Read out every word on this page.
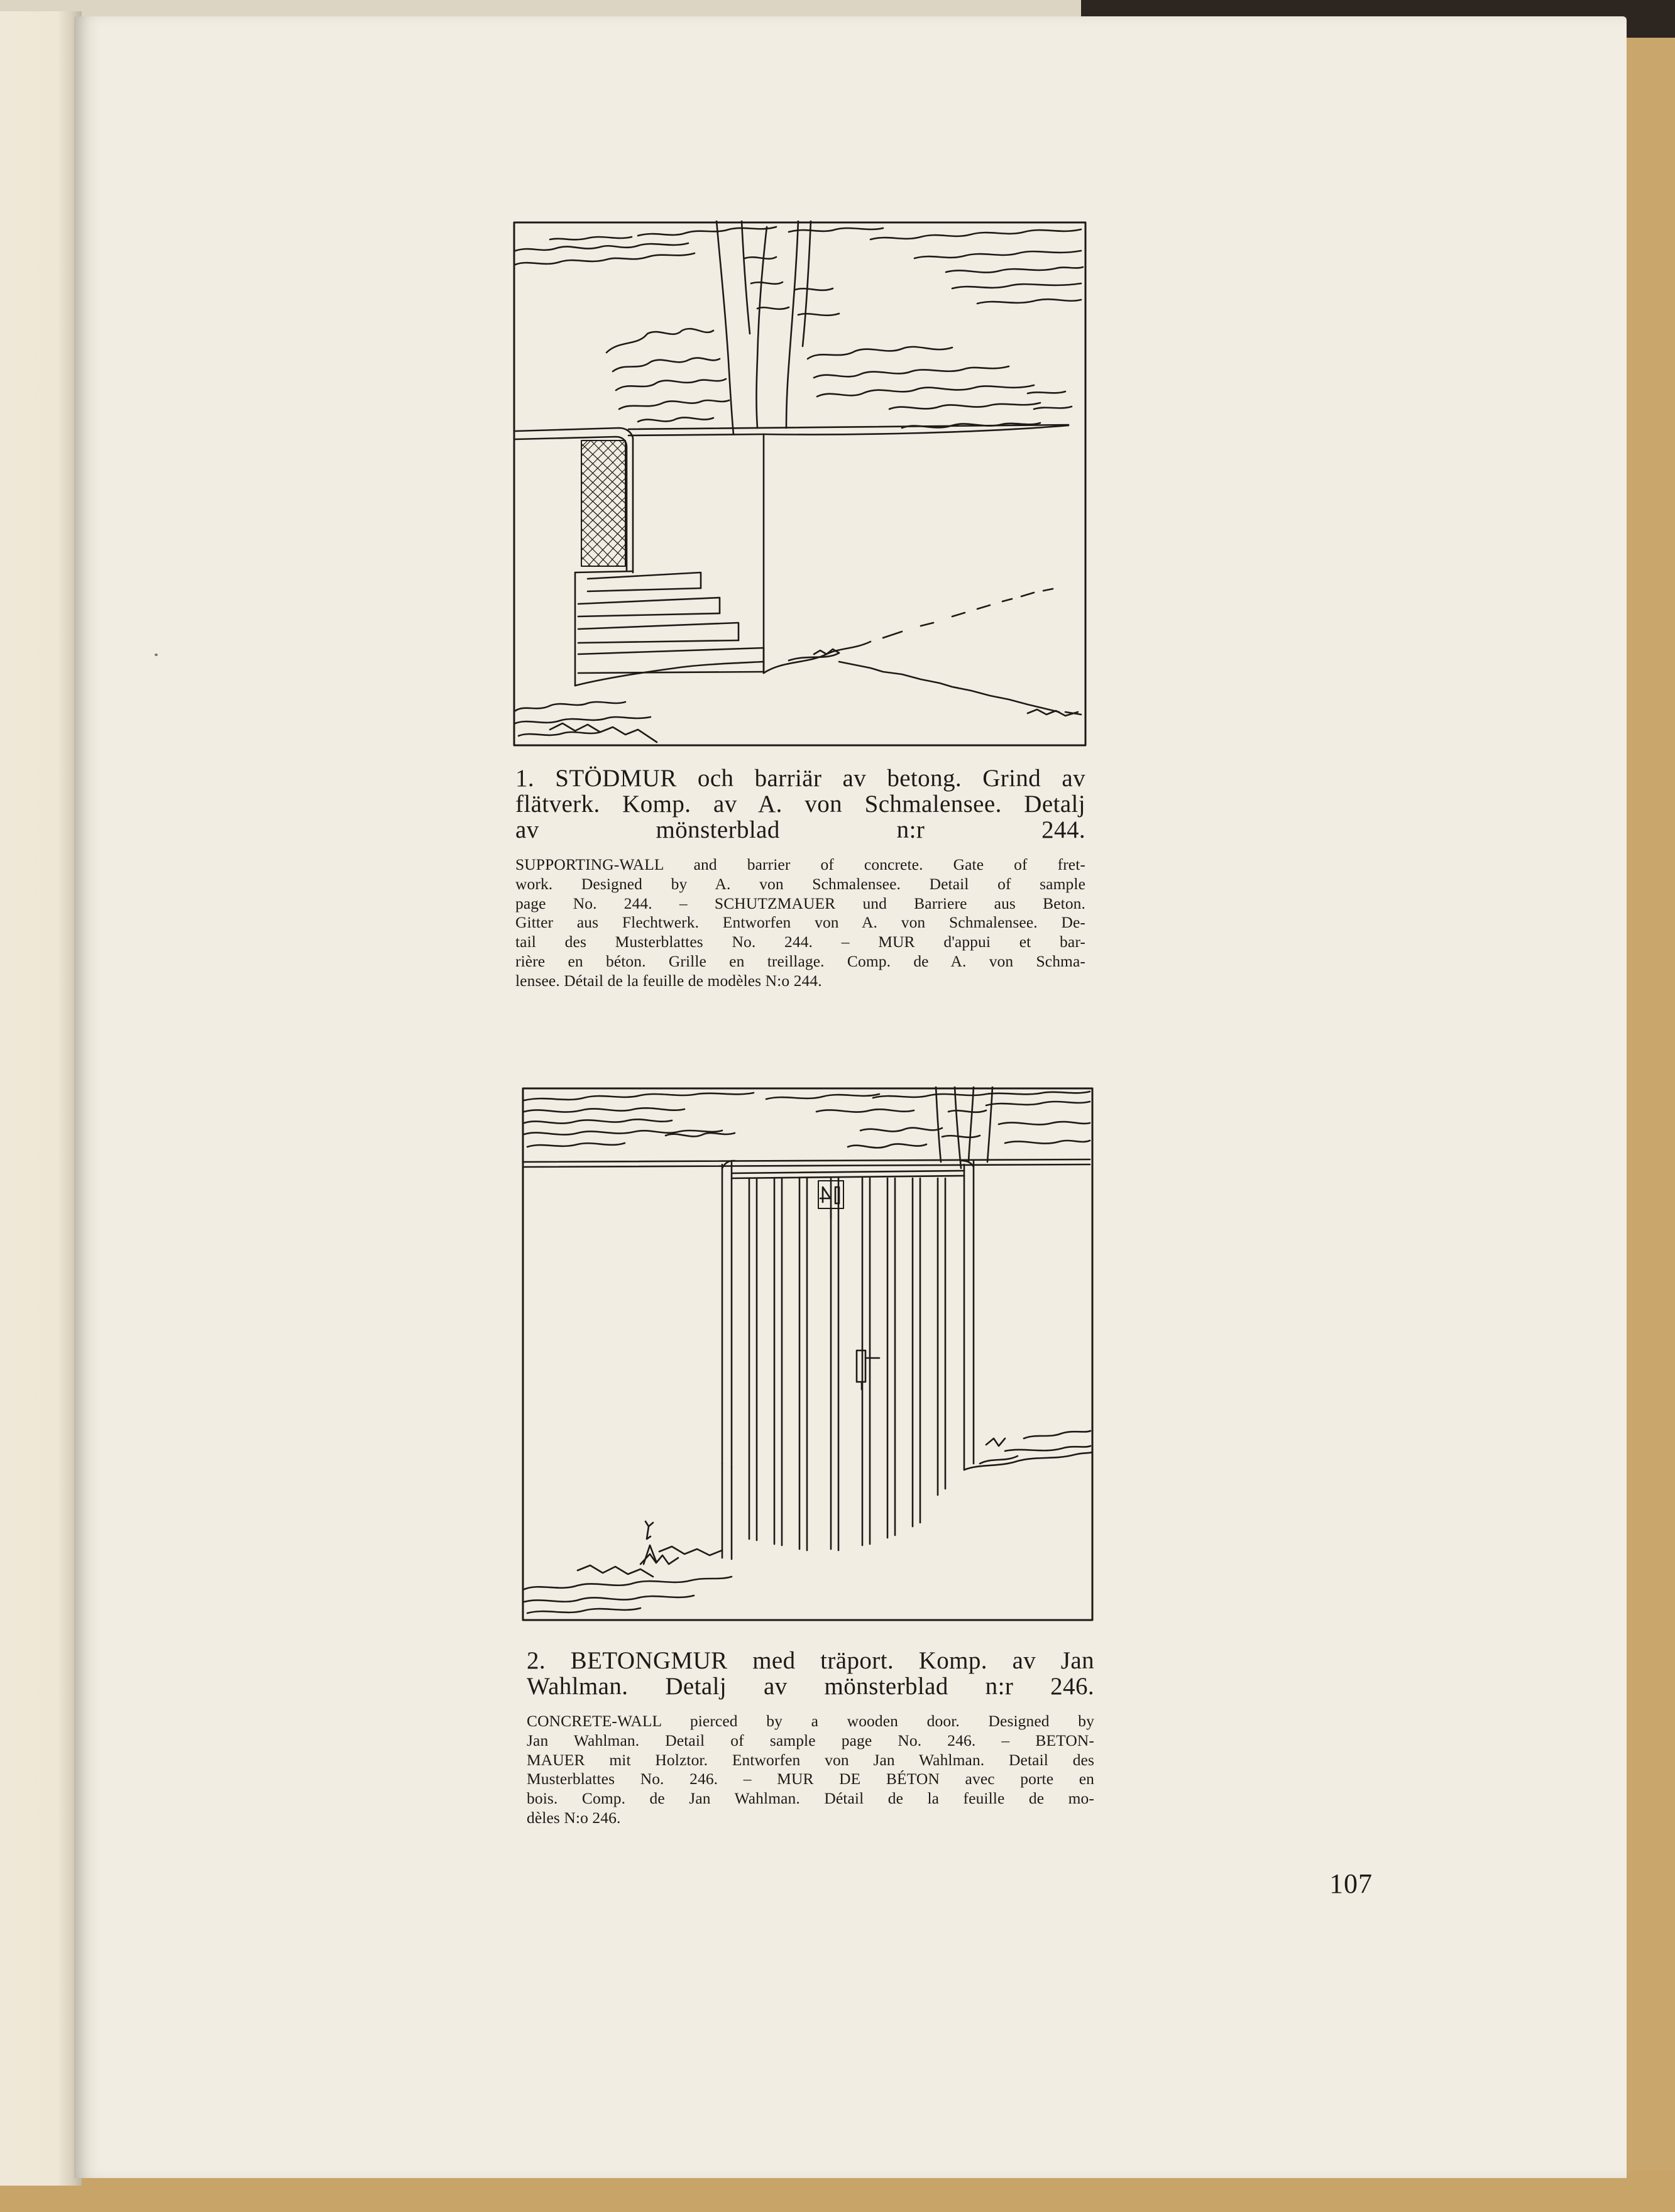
1. STÖDMUR och barriär av betong. Grind av
flätverk. Komp. av A. von Schmalensee. Detalj
av mönsterblad n:r 244.
SUPPORTING-WALL and barrier of concrete. Gate of fret-
work. Designed by A. von Schmalensee. Detail of sample
page No. 244. – SCHUTZMAUER und Barriere aus Beton.
Gitter aus Flechtwerk. Entworfen von A. von Schmalensee. De-
tail des Musterblattes No. 244. – MUR d'appui et bar-
rière en béton. Grille en treillage. Comp. de A. von Schma-
lensee. Détail de la feuille de modèles N:o 244.
2. BETONGMUR med träport. Komp. av Jan
Wahlman. Detalj av mönsterblad n:r 246.
CONCRETE-WALL pierced by a wooden door. Designed by
Jan Wahlman. Detail of sample page No. 246. – BETON-
MAUER mit Holztor. Entworfen von Jan Wahlman. Detail des
Musterblattes No. 246. – MUR DE BÉTON avec porte en
bois. Comp. de Jan Wahlman. Détail de la feuille de mo-
dèles N:o 246.
107
